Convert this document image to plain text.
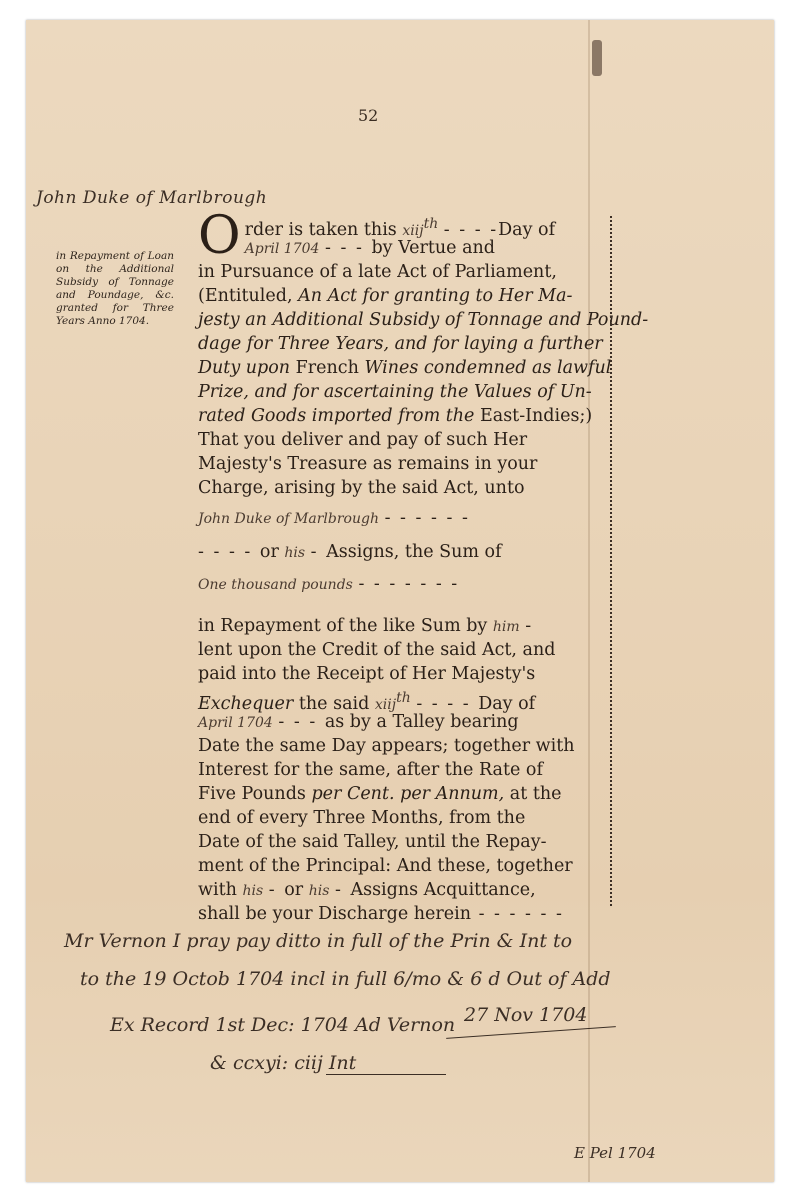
52
John Duke of Marlbrough
in Repayment of Loan on the Additional Subsidy of Tonnage and Poundage, &c. granted for Three Years Anno 1704.
O rder is taken this xiij$^{th}$ - - - -Day of
April 1704 - - - by Vertue and
in Pursuance of a late Act of Parliament,
(Entituled, An Act for granting to Her Ma-
jesty an Additional Subsidy of Tonnage and Pound-
dage for Three Years, and for laying a further
Duty upon French Wines condemned as lawful
Prize, and for ascertaining the Values of Un-
rated Goods imported from the East-Indies;)
That you deliver and pay of such Her
Majesty's Treasure as remains in your
Charge, arising by the said Act, unto
John Duke of Marlbrough - - - - - -
- - - - or his - Assigns, the Sum of
One thousand pounds - - - - - - -
in Repayment of the like Sum by him -
lent upon the Credit of the said Act, and
paid into the Receipt of Her Majesty's
Exchequer the said xiij$^{th}$ - - - - Day of
April 1704 - - - as by a Talley bearing
Date the same Day appears; together with
Interest for the same, after the Rate of
Five Pounds per Cent. per Annum, at the
end of every Three Months, from the
Date of the said Talley, until the Repay-
ment of the Principal: And these, together
with his - or his - Assigns Acquittance,
shall be your Discharge herein - - - - - -
Mr Vernon I pray pay ditto in full of the Prin & Int to
to the 19 Octob 1704 incl in full 6/mo & 6 d Out of Add
Ex Record 1st Dec: 1704 Ad Vernon 27 Nov 1704
& ccxyi: ciij Int
E Pel 1704
